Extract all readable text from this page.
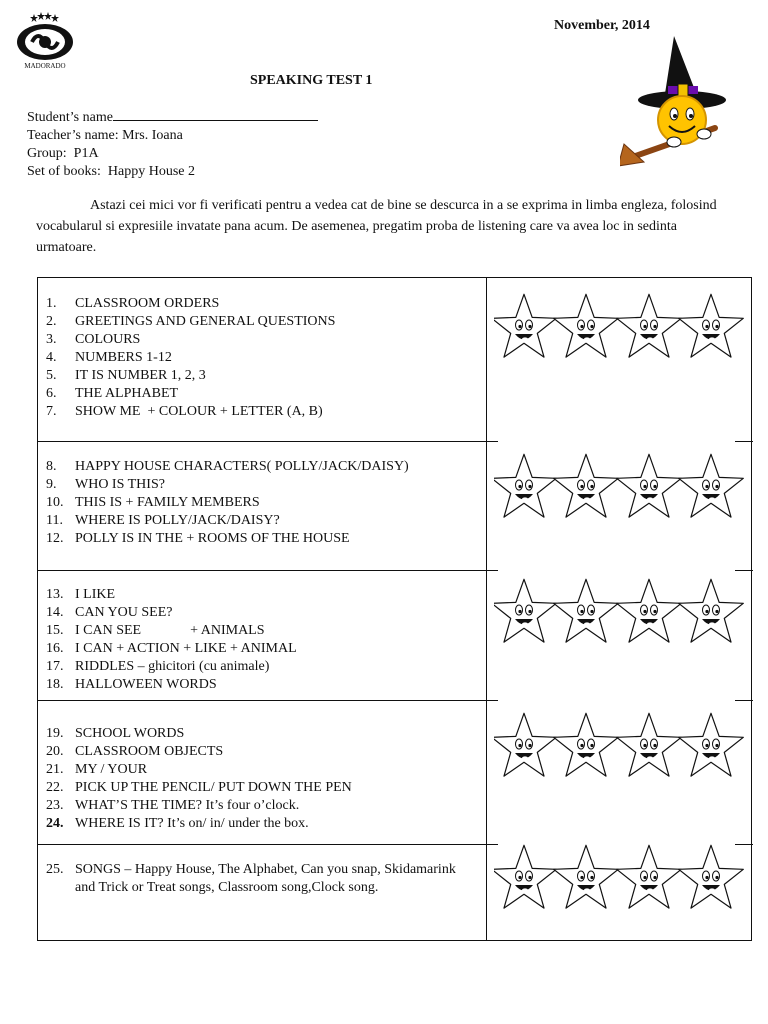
MADORADO
November, 2014
SPEAKING TEST 1
Student’s name
Teacher’s name: Mrs. Ioana
Group:  P1A
Set of books:  Happy House 2
Astazi cei mici vor fi verificati pentru a vedea cat de bine se descurca in a se exprima in limba engleza, folosind vocabularul si expresiile invatate pana acum. De asemenea, pregatim proba de listening care va avea loc in sedinta urmatoare.
1. CLASSROOM ORDERS
2. GREETINGS AND GENERAL QUESTIONS
3. COLOURS
4. NUMBERS 1-12
5. IT IS NUMBER 1, 2, 3
6. THE ALPHABET
7. SHOW ME  + COLOUR + LETTER (A, B)
8. HAPPY HOUSE CHARACTERS( POLLY/JACK/DAISY)
9. WHO IS THIS?
10. THIS IS + FAMILY MEMBERS
11. WHERE IS POLLY/JACK/DAISY?
12. POLLY IS IN THE + ROOMS OF THE HOUSE
13. I LIKE
14. CAN YOU SEE?
15. I CAN SEE              + ANIMALS
16. I CAN + ACTION + LIKE + ANIMAL
17. RIDDLES – ghicitori (cu animale)
18. HALLOWEEN WORDS
19. SCHOOL WORDS
20. CLASSROOM OBJECTS
21. MY / YOUR
22. PICK UP THE PENCIL/ PUT DOWN THE PEN
23. WHAT’S THE TIME? It’s four o’clock.
24. WHERE IS IT? It’s on/ in/ under the box.
25. SONGS – Happy House, The Alphabet, Can you snap, Skidamarink
and Trick or Treat songs, Classroom song,Clock song.
